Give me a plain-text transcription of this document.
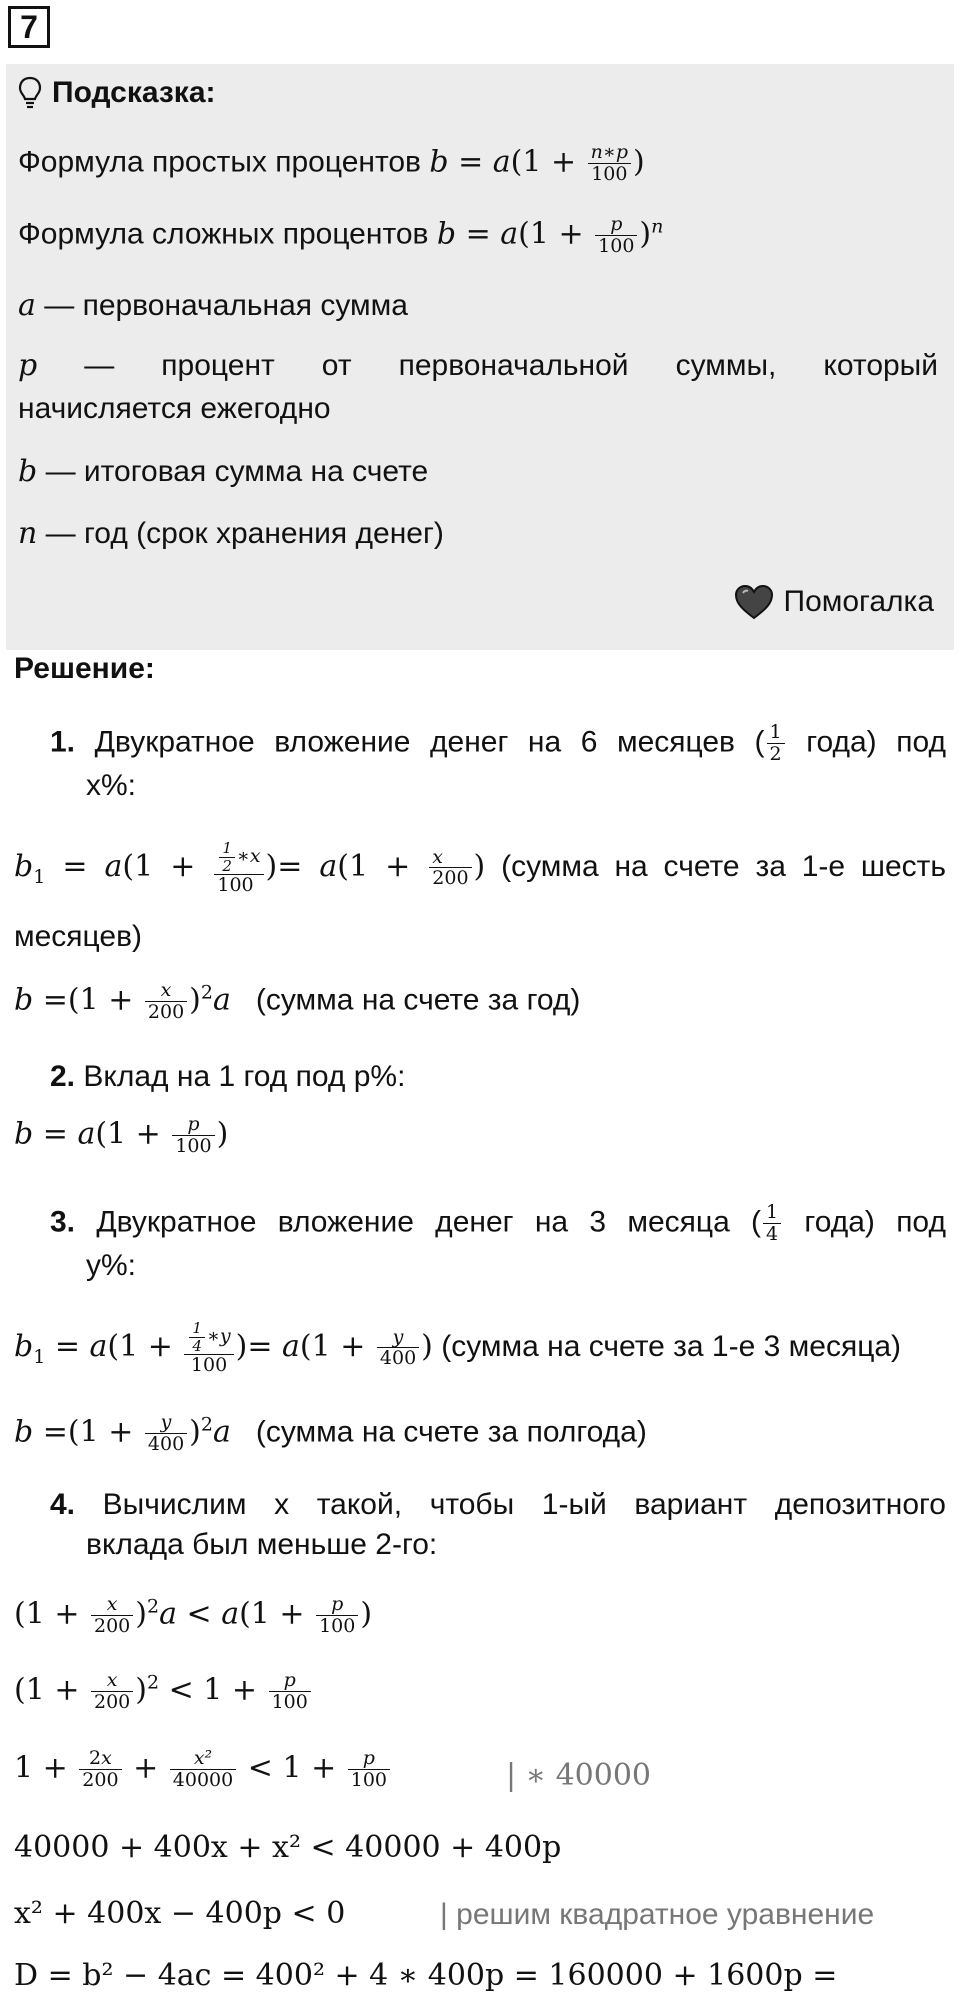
7
Подсказка:
Формула простых процентов $b = a(1 + \frac{n∗p}{100}$ )
Формула сложных процентов $b = a(1 + \frac{p}{100} )^n$
a — первоначальная сумма
p — процент от первоначальной суммы, который
начисляется ежегодно
b — итоговая сумма на счете
n — год (срок хранения денег)
Помогалка
Решение:
1. Двукратное вложение денег на 6 месяцев ( $\frac{1}{2}$ года) под
x%:
$b_1 = a(1 + \frac{\frac{1}{2} ∗x}{100}$ )= $a(1 + \frac{x}{200}$ ) (сумма на счете за 1-е шесть
месяцев)
$b =(1 + \frac{x}{200} )^2a$ (сумма на счете за год)
2. Вклад на 1 год под p%:
$b = a(1 + \frac{p}{100}$ )
3. Двукратное вложение денег на 3 месяца ( $\frac{1}{4}$ года) под
y%:
$b_1 = a(1 + \frac{\frac{1}{4} ∗y}{100}$ )= $a(1 + \frac{y}{400}$ ) (сумма на счете за 1-е 3 месяца)
$b =(1 + \frac{y}{400} )^2a$ (сумма на счете за полгода)
4. Вычислим x такой, чтобы 1-ый вариант депозитного
вклада был меньше 2-го:
$(1 + \frac{x}{200} )^2a < a(1 + \frac{p}{100}$ )
$(1 + \frac{x}{200} )^2 < 1 + \frac{p}{100}$
$1 + \frac{2x}{200} + \frac{\text{x²}}{40000} < 1 + \frac{p}{100}$	| ∗ 40000
40000 + 400x + x² < 40000 + 400p
x² + 400x − 400p < 0	| решим квадратное уравнение
D = b² − 4ac = 400² + 4 ∗ 400p = 160000 + 1600p =
